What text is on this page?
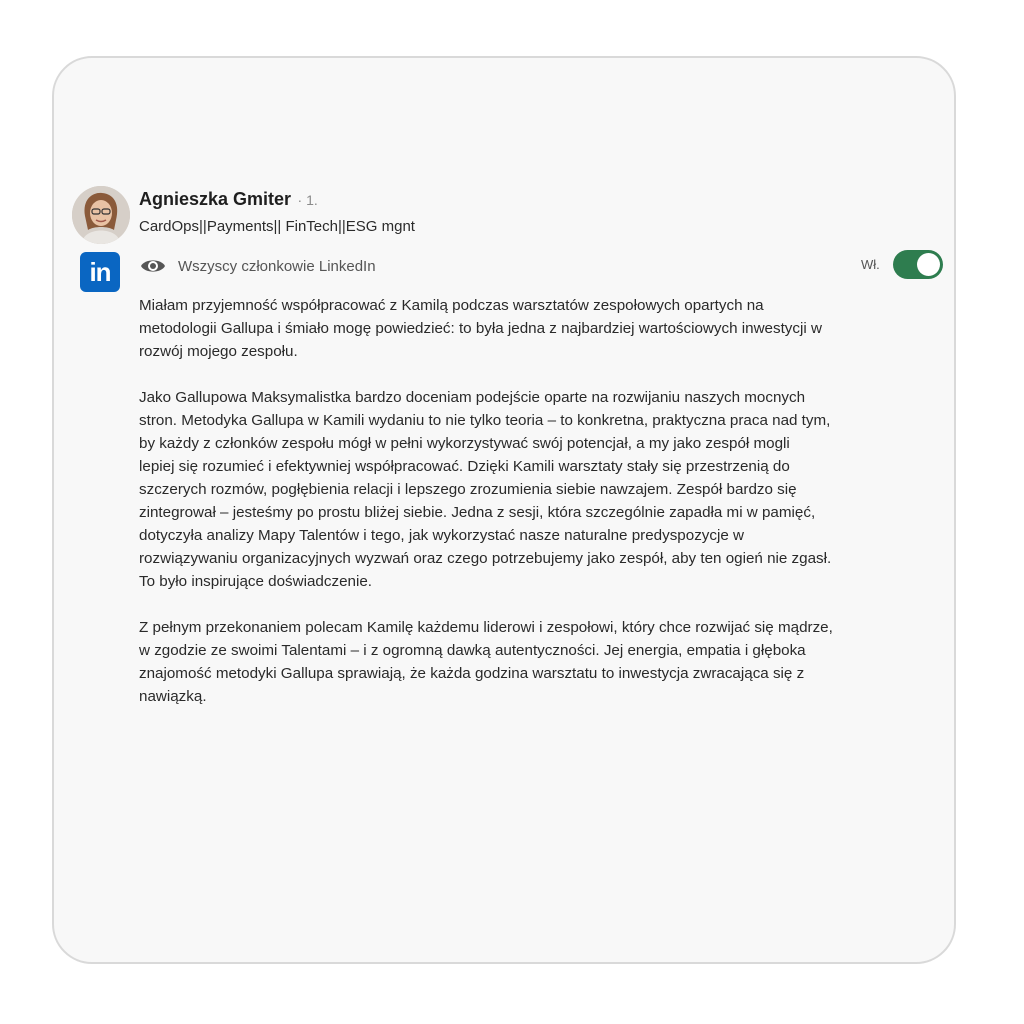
in
Agnieszka Gmiter · 1.
CardOps||Payments|| FinTech||ESG mgnt
Wszyscy członkowie LinkedIn	Wł.

Miałam przyjemność współpracować z Kamilą podczas warsztatów zespołowych opartych na
metodologii Gallupa i śmiało mogę powiedzieć: to była jedna z najbardziej wartościowych inwestycji w
rozwój mojego zespołu.

Jako Gallupowa Maksymalistka bardzo doceniam podejście oparte na rozwijaniu naszych mocnych
stron. Metodyka Gallupa w Kamili wydaniu to nie tylko teoria – to konkretna, praktyczna praca nad tym,
by każdy z członków zespołu mógł w pełni wykorzystywać swój potencjał, a my jako zespół mogli
lepiej się rozumieć i efektywniej współpracować. Dzięki Kamili warsztaty stały się przestrzenią do
szczerych rozmów, pogłębienia relacji i lepszego zrozumienia siebie nawzajem. Zespół bardzo się
zintegrował – jesteśmy po prostu bliżej siebie. Jedna z sesji, która szczególnie zapadła mi w pamięć,
dotyczyła analizy Mapy Talentów i tego, jak wykorzystać nasze naturalne predyspozycje w
rozwiązywaniu organizacyjnych wyzwań oraz czego potrzebujemy jako zespół, aby ten ogień nie zgasł.
To było inspirujące doświadczenie.

Z pełnym przekonaniem polecam Kamilę każdemu liderowi i zespołowi, który chce rozwijać się mądrze,
w zgodzie ze swoimi Talentami – i z ogromną dawką autentyczności. Jej energia, empatia i głęboka
znajomość metodyki Gallupa sprawiają, że każda godzina warsztatu to inwestycja zwracająca się z
nawiązką.
